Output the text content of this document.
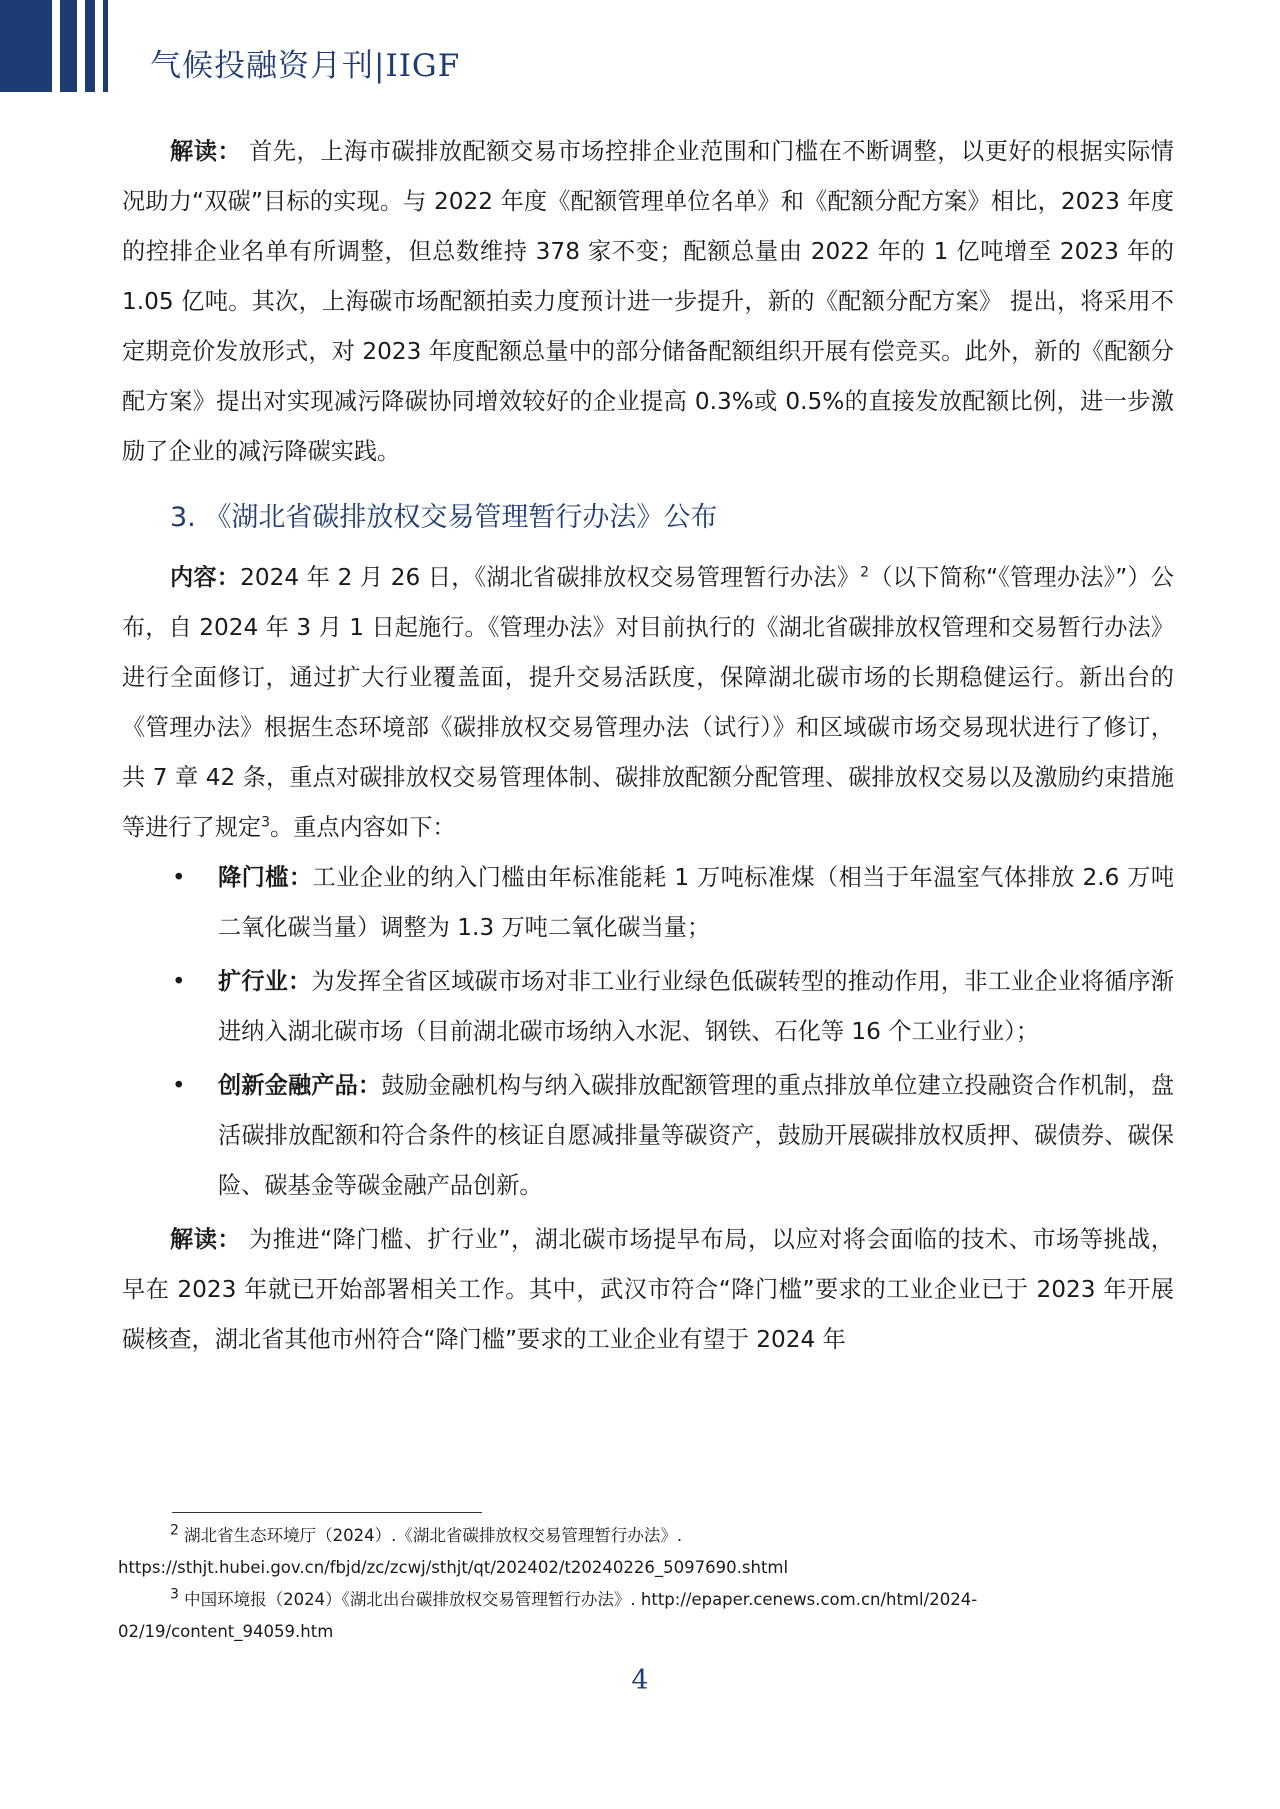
气候投融资月刊|IIGF

解读： 首先，上海市碳排放配额交易市场控排企业范围和门槛在不断调整，以更好的根据实际情况助力“双碳”目标的实现。与 2022 年度《配额管理单位名单》和《配额分配方案》相比，2023 年度的控排企业名单有所调整，但总数维持 378 家不变；配额总量由 2022 年的 1 亿吨增至 2023 年的 1.05 亿吨。其次，上海碳市场配额拍卖力度预计进一步提升，新的《配额分配方案》 提出，将采用不定期竞价发放形式，对 2023 年度配额总量中的部分储备配额组织开展有偿竞买。此外，新的《配额分配方案》提出对实现减污降碳协同增效较好的企业提高 0.3%或 0.5%的直接发放配额比例，进一步激励了企业的减污降碳实践。

3. 《湖北省碳排放权交易管理暂行办法》公布

内容：2024 年 2 月 26 日，《湖北省碳排放权交易管理暂行办法》$^2$（以下简称“《管理办法》”）公布，自 2024 年 3 月 1 日起施行。《管理办法》对目前执行的《湖北省碳排放权管理和交易暂行办法》进行全面修订，通过扩大行业覆盖面，提升交易活跃度，保障湖北碳市场的长期稳健运行。新出台的《管理办法》根据生态环境部《碳排放权交易管理办法（试行）》和区域碳市场交易现状进行了修订，共 7 章 42 条，重点对碳排放权交易管理体制、碳排放配额分配管理、碳排放权交易以及激励约束措施等进行了规定$^3$。重点内容如下：

• 降门槛：工业企业的纳入门槛由年标准能耗 1 万吨标准煤（相当于年温室气体排放 2.6 万吨二氧化碳当量）调整为 1.3 万吨二氧化碳当量；
• 扩行业：为发挥全省区域碳市场对非工业行业绿色低碳转型的推动作用，非工业企业将循序渐进纳入湖北碳市场（目前湖北碳市场纳入水泥、钢铁、石化等 16 个工业行业）；
• 创新金融产品：鼓励金融机构与纳入碳排放配额管理的重点排放单位建立投融资合作机制，盘活碳排放配额和符合条件的核证自愿减排量等碳资产，鼓励开展碳排放权质押、碳债券、碳保险、碳基金等碳金融产品创新。

解读： 为推进“降门槛、扩行业”，湖北碳市场提早布局，以应对将会面临的技术、市场等挑战，早在 2023 年就已开始部署相关工作。其中，武汉市符合“降门槛”要求的工业企业已于 2023 年开展碳核查，湖北省其他市州符合“降门槛”要求的工业企业有望于 2024 年

$^2$ 湖北省生态环境厅（2024）.《湖北省碳排放权交易管理暂行办法》.
https://sthjt.hubei.gov.cn/fbjd/zc/zcwj/sthjt/qt/202402/t20240226_5097690.shtml
$^3$ 中国环境报（2024）《湖北出台碳排放权交易管理暂行办法》. http://epaper.cenews.com.cn/html/2024-02/19/content_94059.htm
4
